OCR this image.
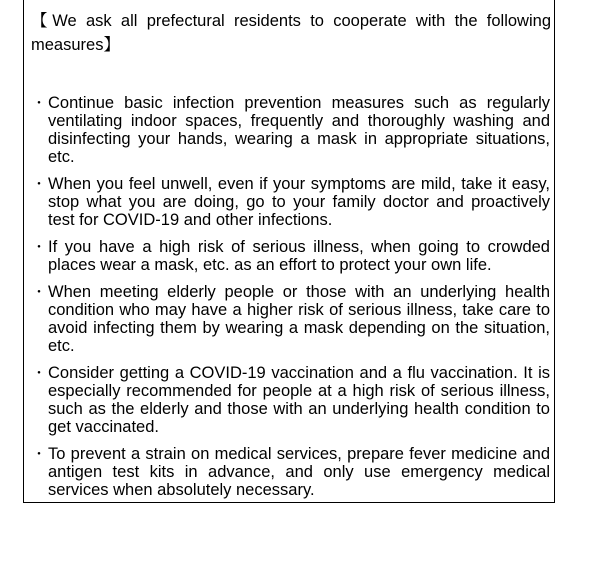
【We ask all prefectural residents to cooperate with the following measures】

・ Continue basic infection prevention measures such as regularly ventilating indoor spaces, frequently and thoroughly washing and disinfecting your hands, wearing a mask in appropriate situations, etc.
・ When you feel unwell, even if your symptoms are mild, take it easy, stop what you are doing, go to your family doctor and proactively test for COVID-19 and other infections.
・ If you have a high risk of serious illness, when going to crowded places wear a mask, etc. as an effort to protect your own life.
・ When meeting elderly people or those with an underlying health condition who may have a higher risk of serious illness, take care to avoid infecting them by wearing a mask depending on the situation, etc.
・ Consider getting a COVID-19 vaccination and a flu vaccination. It is especially recommended for people at a high risk of serious illness, such as the elderly and those with an underlying health condition to get vaccinated.
・ To prevent a strain on medical services, prepare fever medicine and antigen test kits in advance, and only use emergency medical services when absolutely necessary.
